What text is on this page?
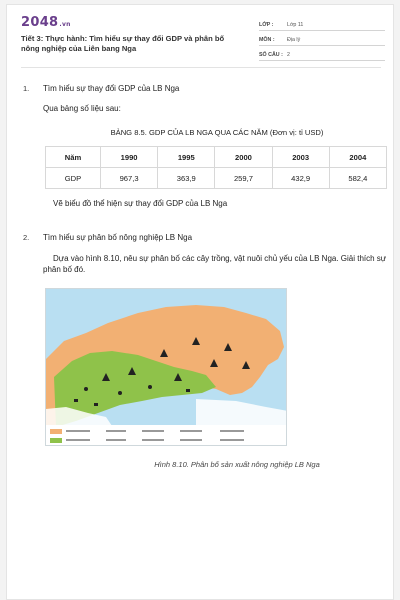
2048.vn
Tiết 3: Thực hành: Tìm hiểu sự thay đổi GDP và phân bố nông nghiệp của Liên bang Nga
LỚP :	Lớp 11
MÔN :	Địa lý
SỐ CÂU : 2
1. Tìm hiểu sự thay đổi GDP của LB Nga
Qua bảng số liệu sau:
BẢNG 8.5. GDP CỦA LB NGA QUA CÁC NĂM (Đơn vị: tỉ USD)
Năm	1990	1995	2000	2003	2004
GDP	967,3	363,9	259,7	432,9	582,4
Vẽ biểu đồ thể hiện sự thay đổi GDP của LB Nga
2. Tìm hiểu sự phân bố nông nghiệp LB Nga
Dựa vào hình 8.10, nêu sự phân bố các cây trồng, vật nuôi chủ yếu của LB Nga. Giải thích sự phân bố đó.
Hình 8.10. Phân bố sản xuất nông nghiệp LB Nga
